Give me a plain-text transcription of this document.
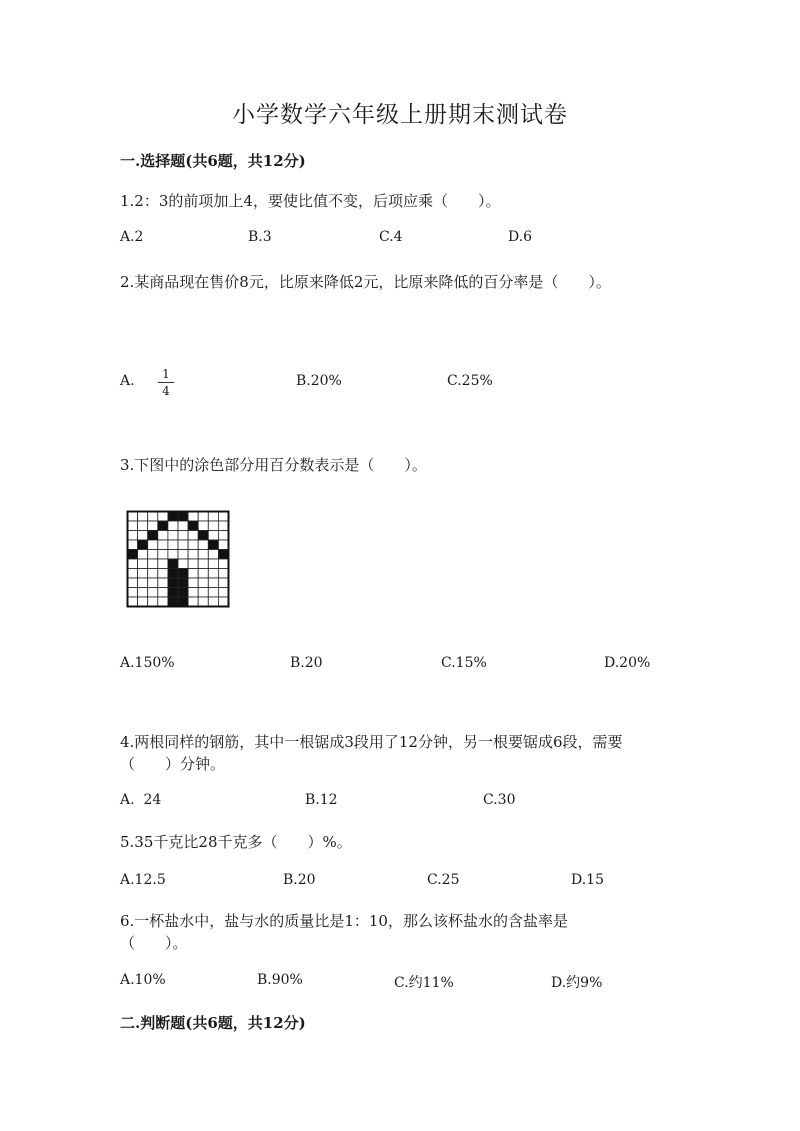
小学数学六年级上册期末测试卷
一.选择题(共6题，共12分)
1.2：3的前项加上4，要使比值不变，后项应乘（　　）。
A.2	B.3	C.4	D.6
2.某商品现在售价8元，比原来降低2元，比原来降低的百分率是（　　）。
A. $\frac{1}{4}$	B.20%	C.25%
3.下图中的涂色部分用百分数表示是（　　）。
A.150%	B.20	C.15%	D.20%
4.两根同样的钢筋，其中一根锯成3段用了12分钟，另一根要锯成6段，需要
（　　）分钟。
A.  24	B.12	C.30
5.35千克比28千克多（　　）%。
A.12.5	B.20	C.25	D.15
6.一杯盐水中，盐与水的质量比是1：10，那么该杯盐水的含盐率是
（　　）。
A.10%	B.90%	C.约11%	D.约9%
二.判断题(共6题，共12分)
